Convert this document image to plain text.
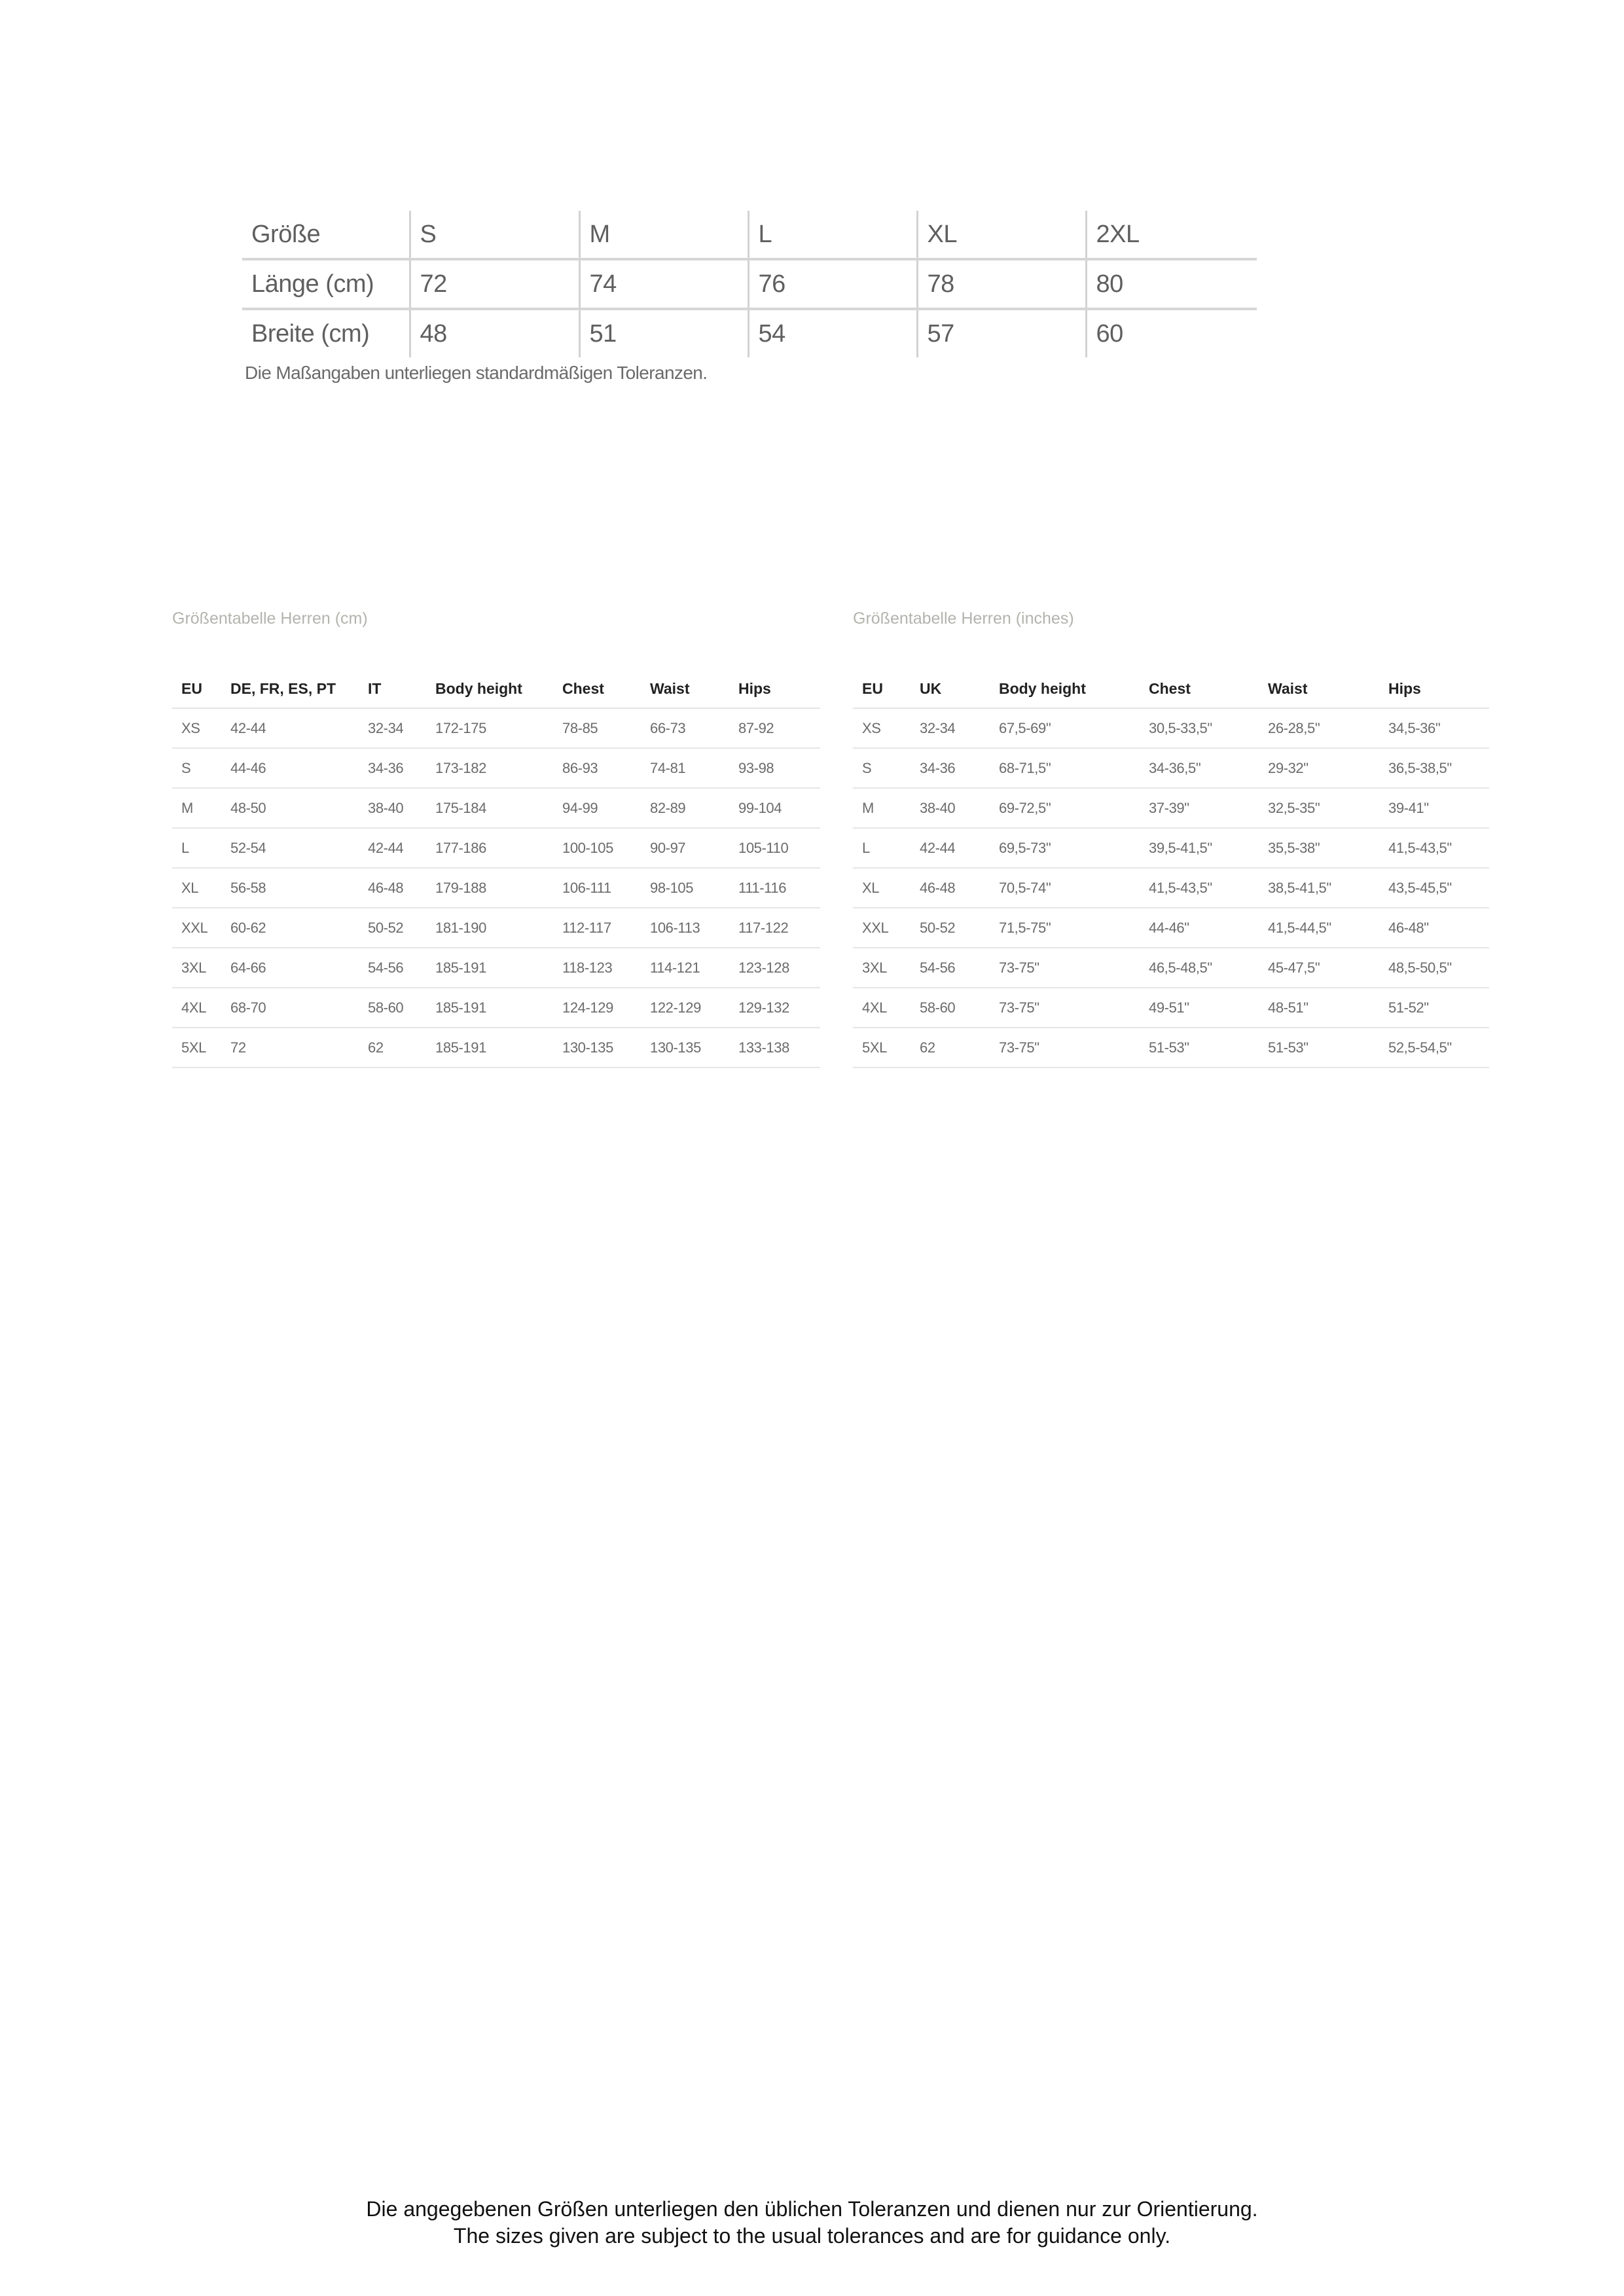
Größe	S	M	L	XL	2XL
Länge (cm)	72	74	76	78	80
Breite (cm)	48	51	54	57	60
Die Maßangaben unterliegen standardmäßigen Toleranzen.
Größentabelle Herren (cm)
EU	DE, FR, ES, PT	IT	Body height	Chest	Waist	Hips
XS	42-44	32-34	172-175	78-85	66-73	87-92
S	44-46	34-36	173-182	86-93	74-81	93-98
M	48-50	38-40	175-184	94-99	82-89	99-104
L	52-54	42-44	177-186	100-105	90-97	105-110
XL	56-58	46-48	179-188	106-111	98-105	111-116
XXL	60-62	50-52	181-190	112-117	106-113	117-122
3XL	64-66	54-56	185-191	118-123	114-121	123-128
4XL	68-70	58-60	185-191	124-129	122-129	129-132
5XL	72	62	185-191	130-135	130-135	133-138
Größentabelle Herren (inches)
EU	UK	Body height	Chest	Waist	Hips
XS	32-34	67,5-69"	30,5-33,5"	26-28,5"	34,5-36"
S	34-36	68-71,5"	34-36,5"	29-32"	36,5-38,5"
M	38-40	69-72,5"	37-39"	32,5-35"	39-41"
L	42-44	69,5-73"	39,5-41,5"	35,5-38"	41,5-43,5"
XL	46-48	70,5-74"	41,5-43,5"	38,5-41,5"	43,5-45,5"
XXL	50-52	71,5-75"	44-46"	41,5-44,5"	46-48"
3XL	54-56	73-75"	46,5-48,5"	45-47,5"	48,5-50,5"
4XL	58-60	73-75"	49-51"	48-51"	51-52"
5XL	62	73-75"	51-53"	51-53"	52,5-54,5"
Die angegebenen Größen unterliegen den üblichen Toleranzen und dienen nur zur Orientierung.
The sizes given are subject to the usual tolerances and are for guidance only.
